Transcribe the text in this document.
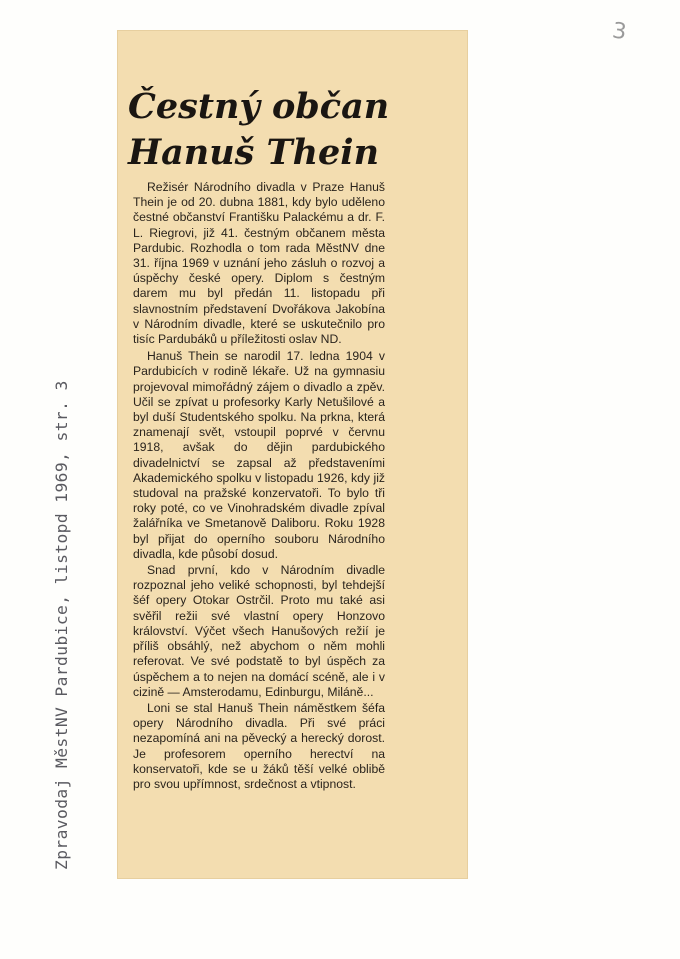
3
Zpravodaj MěstNV Pardubice, listopd 1969, str. 3
Čestný občan Hanuš Thein

Režisér Národního divadla v Praze Hanuš Thein je od 20. dubna 1881, kdy bylo uděleno čestné občanství Františku Palackému a dr. F. L. Riegrovi, již 41. čestným občanem města Pardubic. Rozhodla o tom rada MěstNV dne 31. října 1969 v uznání jeho zásluh o rozvoj a úspěchy české opery. Diplom s čestným darem mu byl předán 11. listopadu při slavnostním představení Dvořákova Jakobína v Národním divadle, které se uskutečnilo pro tisíc Pardubáků u příležitosti oslav ND.

Hanuš Thein se narodil 17. ledna 1904 v Pardubicích v rodině lékaře. Už na gymnasiu projevoval mimořádný zájem o divadlo a zpěv. Učil se zpívat u profesorky Karly Netušilové a byl duší Studentského spolku. Na prkna, která znamenají svět, vstoupil poprvé v červnu 1918, avšak do dějin pardubického divadelnictví se zapsal až představeními Akademického spolku v listopadu 1926, kdy již studoval na pražské konzervatoři. To bylo tři roky poté, co ve Vinohradském divadle zpíval žalářníka ve Smetanově Daliboru. Roku 1928 byl přijat do operního souboru Národního divadla, kde působí dosud.

Snad první, kdo v Národním divadle rozpoznal jeho veliké schopnosti, byl tehdejší šéf opery Otokar Ostrčil. Proto mu také asi svěřil režii své vlastní opery Honzovo království. Výčet všech Hanušových režií je příliš obsáhlý, než abychom o něm mohli referovat. Ve své podstatě to byl úspěch za úspěchem a to nejen na domácí scéně, ale i v cizině — Amsterodamu, Edinburgu, Miláně...

Loni se stal Hanuš Thein náměstkem šéfa opery Národního divadla. Při své práci nezapomíná ani na pěvecký a herecký dorost. Je profesorem operního herectví na konservatoři, kde se u žáků těší velké oblibě pro svou upřímnost, srdečnost a vtipnost.
